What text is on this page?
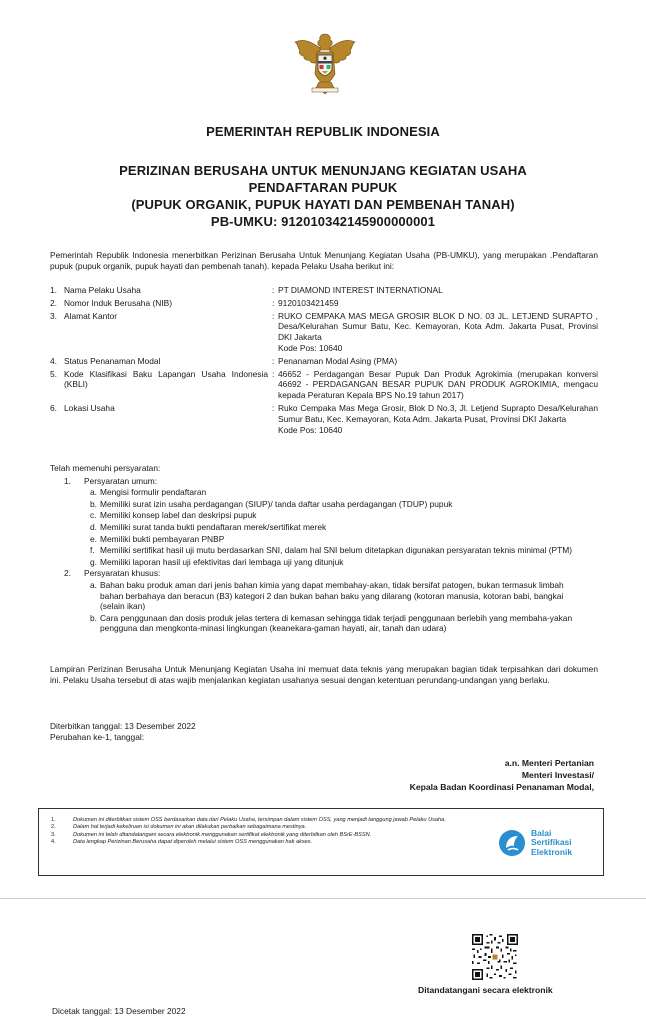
PEMERINTAH REPUBLIK INDONESIA
PERIZINAN BERUSAHA UNTUK MENUNJANG KEGIATAN USAHA
PENDAFTARAN PUPUK
(PUPUK ORGANIK, PUPUK HAYATI DAN PEMBENAH TANAH)
PB-UMKU: 912010342145900000001
Pemerintah Republik Indonesia menerbitkan Perizinan Berusaha Untuk Menunjang Kegiatan Usaha (PB-UMKU), yang merupakan .Pendaftaran pupuk (pupuk organik, pupuk hayati dan pembenah tanah). kepada Pelaku Usaha berikut ini:
1. Nama Pelaku Usaha	: PT DIAMOND INTEREST INTERNATIONAL
2. Nomor Induk Berusaha (NIB)	: 9120103421459
3. Alamat Kantor	: RUKO CEMPAKA MAS MEGA GROSIR BLOK D NO. 03 JL. LETJEND SURAPTO , Desa/Kelurahan Sumur Batu, Kec. Kemayoran, Kota Adm. Jakarta Pusat, Provinsi DKI Jakarta
Kode Pos: 10640
4. Status Penanaman Modal	: Penanaman Modal Asing (PMA)
5. Kode Klasifikasi Baku Lapangan Usaha Indonesia (KBLI)
: 46652 - Perdagangan Besar Pupuk Dan Produk Agrokimia (merupakan konversi 46692 - PERDAGANGAN BESAR PUPUK DAN PRODUK AGROKIMIA, mengacu kepada Peraturan Kepala BPS No.19 tahun 2017)
6. Lokasi Usaha	: Ruko Cempaka Mas Mega Grosir, Blok D No.3, Jl. Letjend Suprapto Desa/Kelurahan Sumur Batu, Kec. Kemayoran, Kota Adm. Jakarta Pusat, Provinsi DKI Jakarta
Kode Pos: 10640
Telah memenuhi persyaratan:
1.	Persyaratan umum:
a. Mengisi formulir pendaftaran
b. Memiliki surat izin usaha perdagangan (SIUP)/ tanda daftar usaha perdagangan (TDUP) pupuk
c. Memiliki konsep label dan deskripsi pupuk
d. Memiliki surat tanda bukti pendaftaran merek/sertifikat merek
e. Memiliki bukti pembayaran PNBP
f. Memiliki sertifikat hasil uji mutu berdasarkan SNI, dalam hal SNI belum ditetapkan digunakan persyaratan teknis minimal (PTM)
g. Memiliki laporan hasil uji efektivitas dari lembaga uji yang ditunjuk
2.	Persyaratan khusus:
a. Bahan baku produk aman dari jenis bahan kimia yang dapat membahay-akan, tidak bersifat patogen, bukan termasuk limbah bahan berbahaya dan beracun (B3) kategori 2 dan bukan bahan baku yang dilarang (kotoran manusia, kotoran babi, bangkai (selain ikan)
b. Cara penggunaan dan dosis produk jelas tertera di kemasan sehingga tidak terjadi penggunaan berlebih yang membaha-yakan pengguna dan mengkonta-minasi lingkungan (keanekara-gaman hayati, air, tanah dan udara)
Lampiran Perizinan Berusaha Untuk Menunjang Kegiatan Usaha ini memuat data teknis yang merupakan bagian tidak terpisahkan dari dokumen ini. Pelaku Usaha tersebut di atas wajib menjalankan kegiatan usahanya sesuai dengan ketentuan perundang-undangan yang berlaku.
Diterbitkan tanggal: 13 Desember 2022
Perubahan ke-1, tanggal:
a.n. Menteri Pertanian
Menteri Investasi/
Kepala Badan Koordinasi Penanaman Modal,
1.	Dokumen ini diterbitkan sistem OSS berdasarkan data dari Pelaku Usaha, tersimpan dalam sistem OSS, yang menjadi tanggung jawab Pelaku Usaha.
2.	Dalam hal terjadi kekeliruan isi dokumen ini akan dilakukan perbaikan sebagaimana mestinya.
3.	Dokumen ini telah ditandatangani secara elektronik menggunakan sertifikat elektronik yang diterbitkan oleh BSrE-BSSN.
4.	Data lengkap Perizinan Berusaha dapat diperoleh melalui sistem OSS menggunakan hak akses.
Balai
Sertifikasi
Elektronik
Ditandatangani secara elektronik
Dicetak tanggal: 13 Desember 2022
